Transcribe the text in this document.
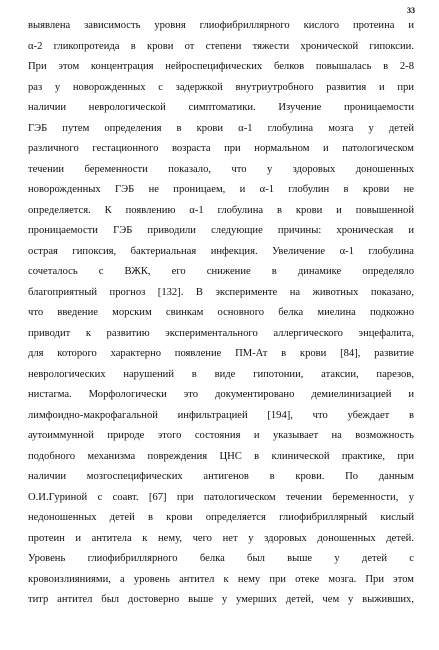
33
выявлена зависимость уровня глиофибриллярного кислого протеина и
α-2 гликопротеида в крови от степени тяжести хронической гипоксии.
При этом концентрация нейроспецифических белков повышалась в 2-8
раз у новорожденных с задержкой внутриутробного развития и при
наличии неврологической симптоматики. Изучение проницаемости
ГЭБ путем определения в крови α-1 глобулина мозга у детей
различного гестационного возраста при нормальном и патологическом
течении беременности показало, что у здоровых доношенных
новорожденных ГЭБ не проницаем, и α-1 глобулин в крови не
определяется. К появлению α-1 глобулина в крови и повышенной
проницаемости ГЭБ приводили следующие причины: хроническая и
острая гипоксия, бактериальная инфекция. Увеличение α-1 глобулина
сочеталось с ВЖК, его снижение в динамике определяло
благоприятный прогноз [132]. В эксперименте на животных показано,
что введение морским свинкам основного белка миелина подкожно
приводит к развитию экспериментального аллергического энцефалита,
для которого характерно появление ПМ-Ат в крови [84], развитие
неврологических нарушений в виде гипотонии, атаксии, парезов,
нистагма. Морфологически это документировано демиелинизацией и
лимфоидно-макрофагальной инфильтрацией [194], что убеждает в
аутоиммунной природе этого состояния и указывает на возможность
подобного механизма повреждения ЦНС в клинической практике, при
наличии мозгоспецифических антигенов в крови. По данным
О.И.Гуриной с соавт. [67] при патологическом течении беременности, у
недоношенных детей в крови определяется глиофибриллярный кислый
протеин и антитела к нему, чего нет у здоровых доношенных детей.
Уровень глиофибриллярного белка был выше у детей с
кровоизлияниями, а уровень антител к нему при отеке мозга. При этом
титр антител был достоверно выше у умерших детей, чем у выживших,
